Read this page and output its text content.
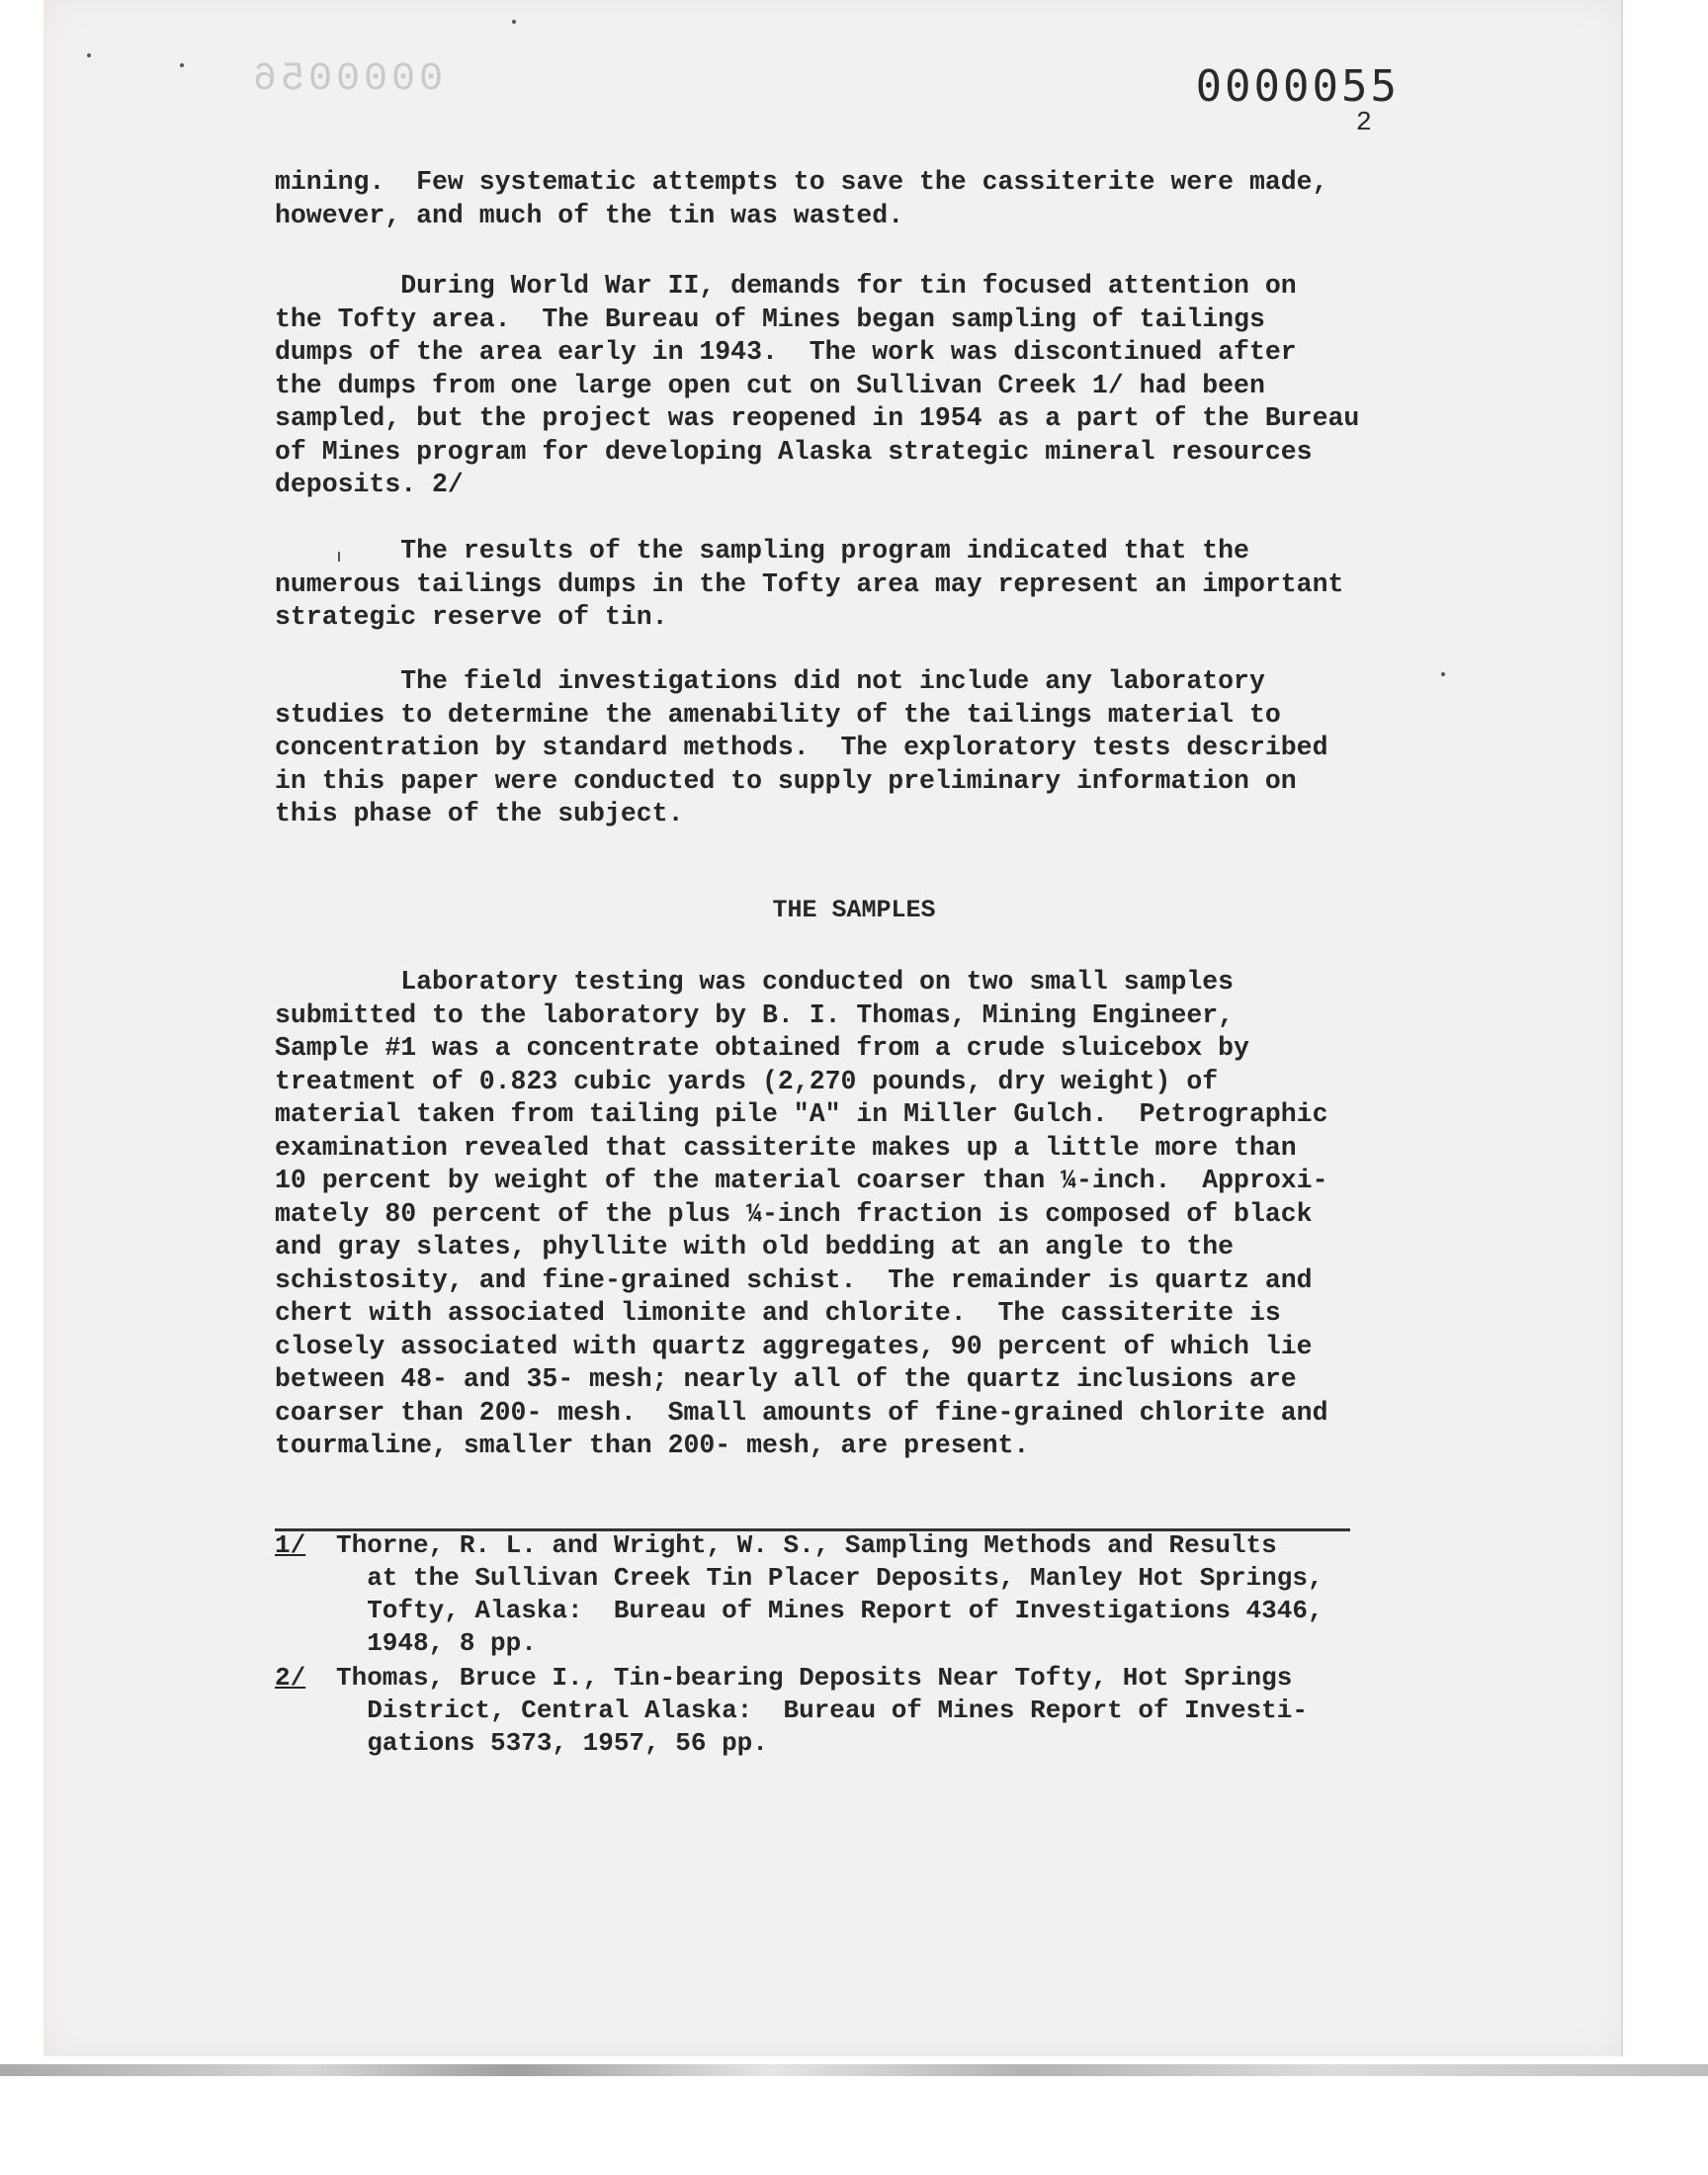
0000056	0000055
2
mining.  Few systematic attempts to save the cassiterite were made,
however, and much of the tin was wasted.
During World War II, demands for tin focused attention on
the Tofty area.  The Bureau of Mines began sampling of tailings
dumps of the area early in 1943.  The work was discontinued after
the dumps from one large open cut on Sullivan Creek 1/ had been
sampled, but the project was reopened in 1954 as a part of the Bureau
of Mines program for developing Alaska strategic mineral resources
deposits. 2/
The results of the sampling program indicated that the
numerous tailings dumps in the Tofty area may represent an important
strategic reserve of tin.
The field investigations did not include any laboratory
studies to determine the amenability of the tailings material to
concentration by standard methods.  The exploratory tests described
in this paper were conducted to supply preliminary information on
this phase of the subject.
THE SAMPLES
Laboratory testing was conducted on two small samples
submitted to the laboratory by B. I. Thomas, Mining Engineer,
Sample #1 was a concentrate obtained from a crude sluicebox by
treatment of 0.823 cubic yards (2,270 pounds, dry weight) of
material taken from tailing pile "A" in Miller Gulch.  Petrographic
examination revealed that cassiterite makes up a little more than
10 percent by weight of the material coarser than ¼-inch.  Approxi-
mately 80 percent of the plus ¼-inch fraction is composed of black
and gray slates, phyllite with old bedding at an angle to the
schistosity, and fine-grained schist.  The remainder is quartz and
chert with associated limonite and chlorite.  The cassiterite is
closely associated with quartz aggregates, 90 percent of which lie
between 48- and 35- mesh; nearly all of the quartz inclusions are
coarser than 200- mesh.  Small amounts of fine-grained chlorite and
tourmaline, smaller than 200- mesh, are present.
1/ Thorne, R. L. and Wright, W. S., Sampling Methods and Results
at the Sullivan Creek Tin Placer Deposits, Manley Hot Springs,
Tofty, Alaska:  Bureau of Mines Report of Investigations 4346,
1948, 8 pp.
2/ Thomas, Bruce I., Tin-bearing Deposits Near Tofty, Hot Springs
District, Central Alaska:  Bureau of Mines Report of Investi-
gations 5373, 1957, 56 pp.
